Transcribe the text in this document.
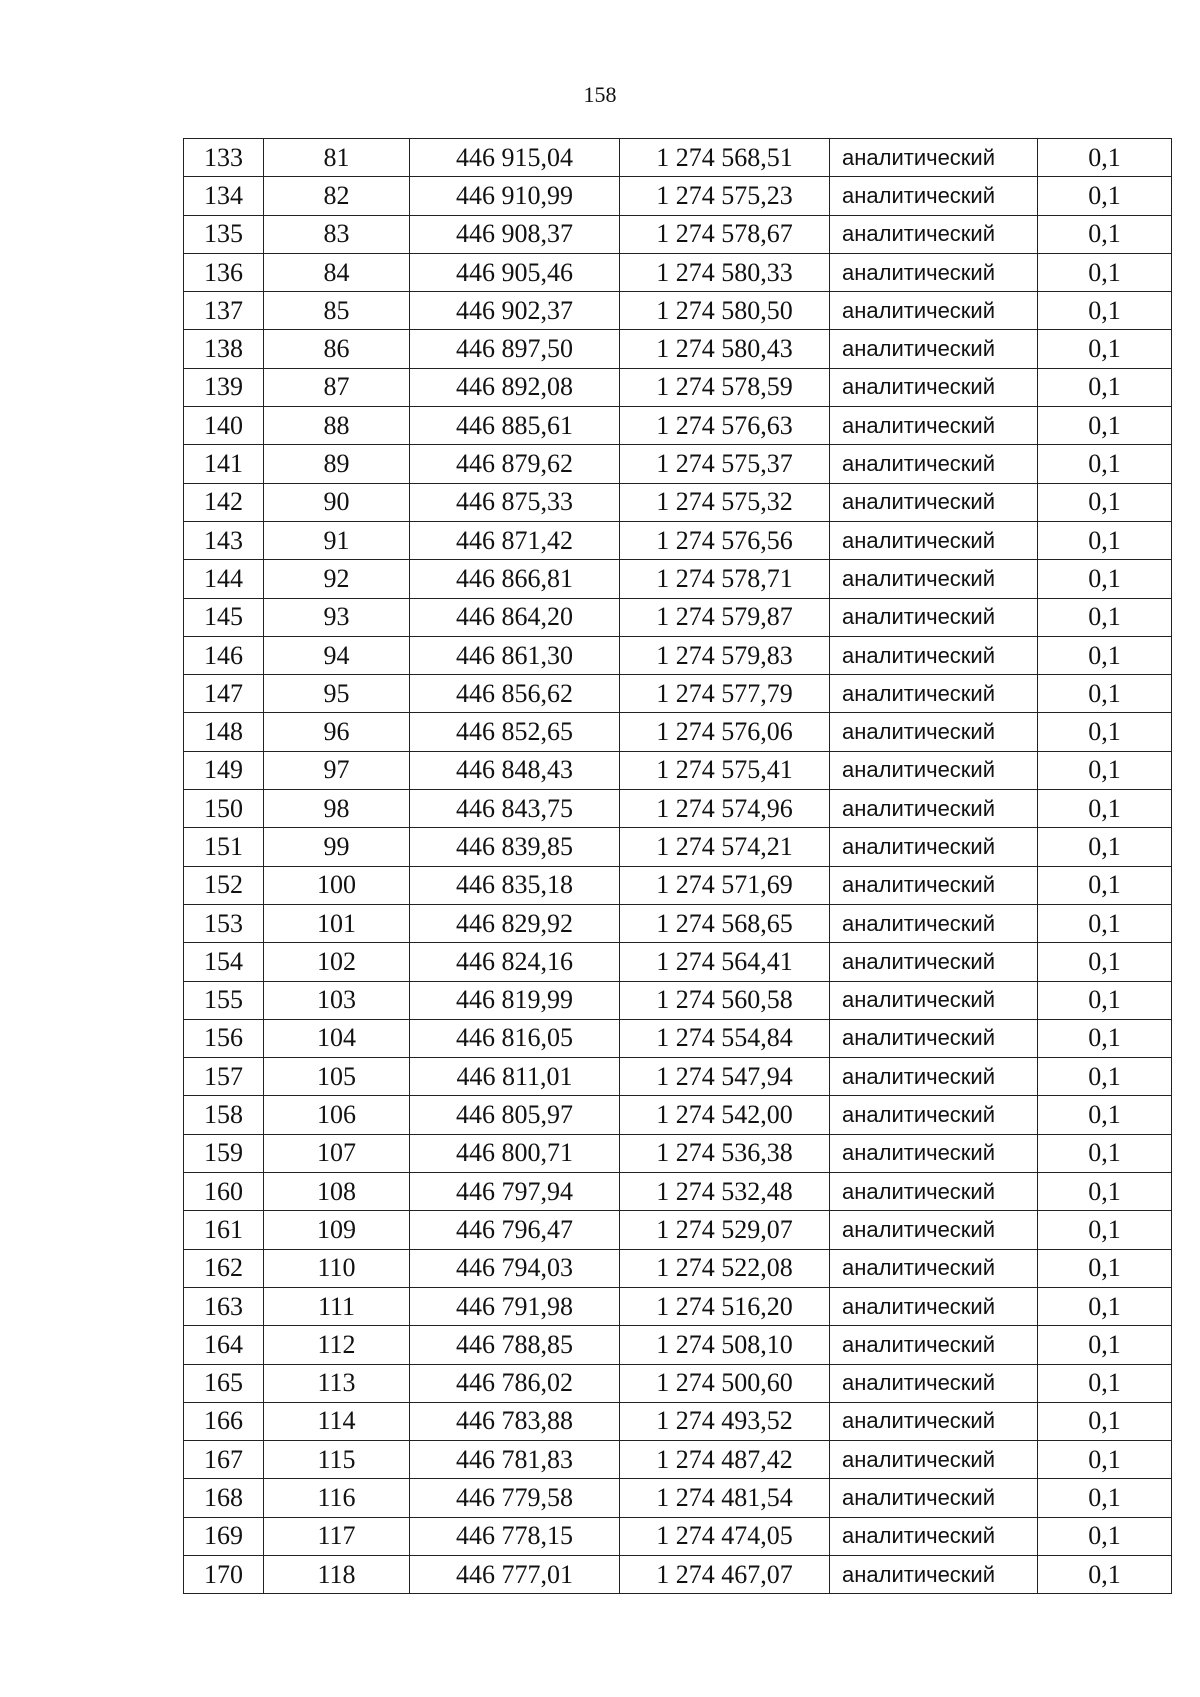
158
133	81	446 915,04	1 274 568,51	аналитический	0,1
134	82	446 910,99	1 274 575,23	аналитический	0,1
135	83	446 908,37	1 274 578,67	аналитический	0,1
136	84	446 905,46	1 274 580,33	аналитический	0,1
137	85	446 902,37	1 274 580,50	аналитический	0,1
138	86	446 897,50	1 274 580,43	аналитический	0,1
139	87	446 892,08	1 274 578,59	аналитический	0,1
140	88	446 885,61	1 274 576,63	аналитический	0,1
141	89	446 879,62	1 274 575,37	аналитический	0,1
142	90	446 875,33	1 274 575,32	аналитический	0,1
143	91	446 871,42	1 274 576,56	аналитический	0,1
144	92	446 866,81	1 274 578,71	аналитический	0,1
145	93	446 864,20	1 274 579,87	аналитический	0,1
146	94	446 861,30	1 274 579,83	аналитический	0,1
147	95	446 856,62	1 274 577,79	аналитический	0,1
148	96	446 852,65	1 274 576,06	аналитический	0,1
149	97	446 848,43	1 274 575,41	аналитический	0,1
150	98	446 843,75	1 274 574,96	аналитический	0,1
151	99	446 839,85	1 274 574,21	аналитический	0,1
152	100	446 835,18	1 274 571,69	аналитический	0,1
153	101	446 829,92	1 274 568,65	аналитический	0,1
154	102	446 824,16	1 274 564,41	аналитический	0,1
155	103	446 819,99	1 274 560,58	аналитический	0,1
156	104	446 816,05	1 274 554,84	аналитический	0,1
157	105	446 811,01	1 274 547,94	аналитический	0,1
158	106	446 805,97	1 274 542,00	аналитический	0,1
159	107	446 800,71	1 274 536,38	аналитический	0,1
160	108	446 797,94	1 274 532,48	аналитический	0,1
161	109	446 796,47	1 274 529,07	аналитический	0,1
162	110	446 794,03	1 274 522,08	аналитический	0,1
163	111	446 791,98	1 274 516,20	аналитический	0,1
164	112	446 788,85	1 274 508,10	аналитический	0,1
165	113	446 786,02	1 274 500,60	аналитический	0,1
166	114	446 783,88	1 274 493,52	аналитический	0,1
167	115	446 781,83	1 274 487,42	аналитический	0,1
168	116	446 779,58	1 274 481,54	аналитический	0,1
169	117	446 778,15	1 274 474,05	аналитический	0,1
170	118	446 777,01	1 274 467,07	аналитический	0,1
